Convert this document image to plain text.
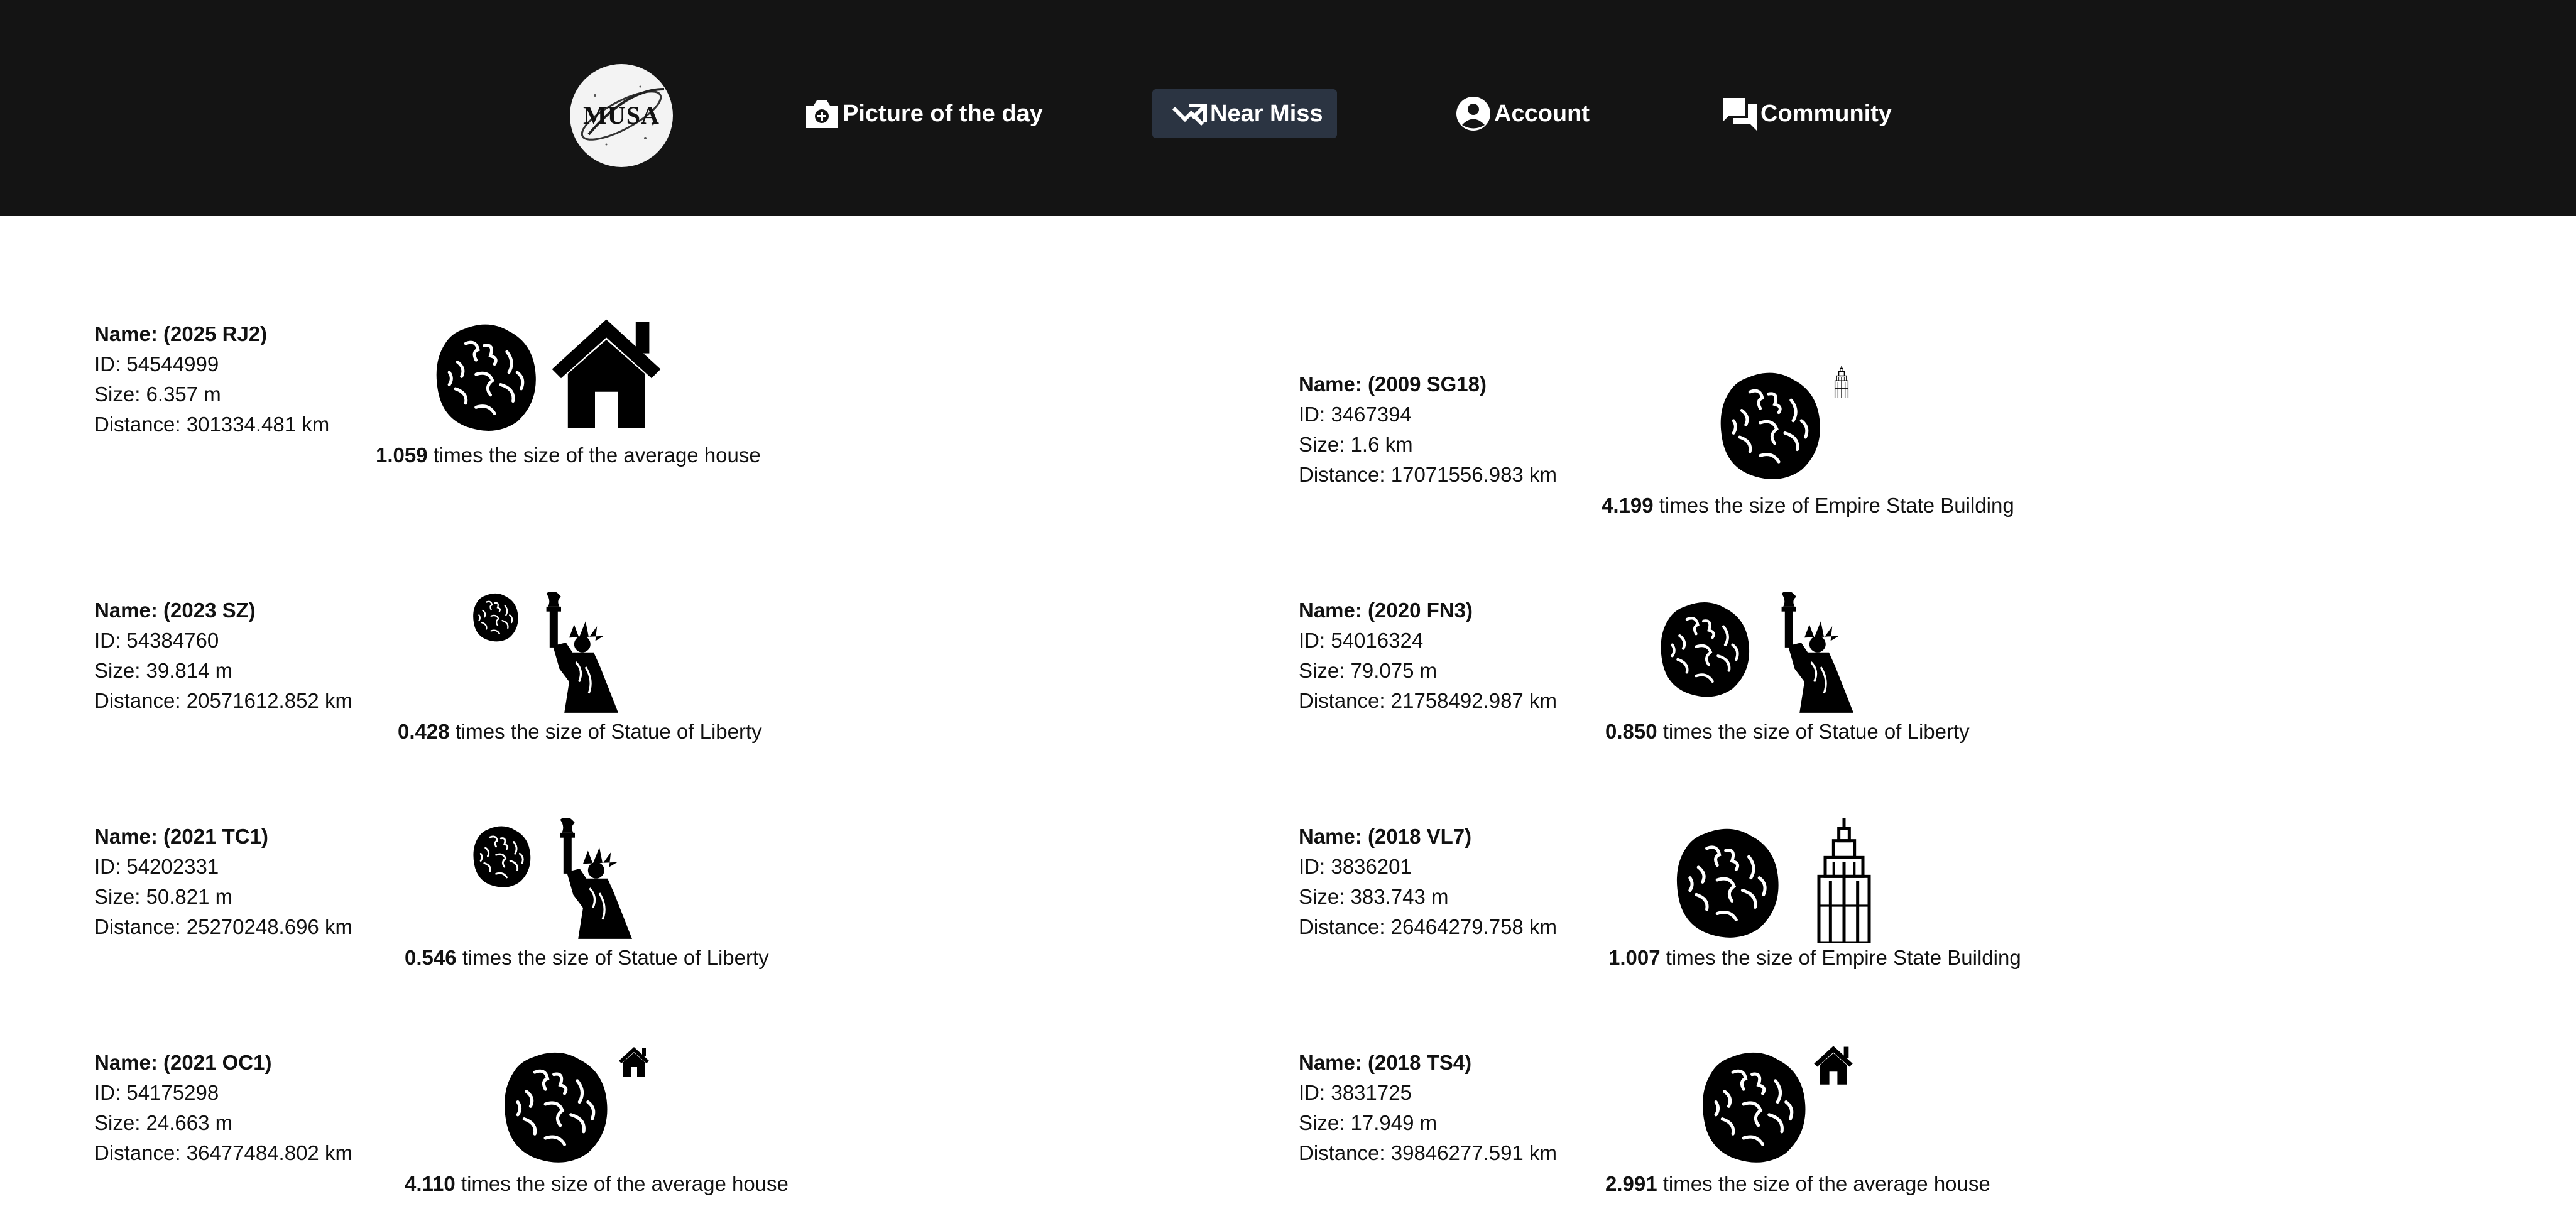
MUSA	Picture of the day	Near Miss	Account	Community
Name: (2025 RJ2)
ID: 54544999
Size: 6.357 m
Distance: 301334.481 km
1.059 times the size of the average house
Name: (2009 SG18)
ID: 3467394
Size: 1.6 km
Distance: 17071556.983 km
4.199 times the size of Empire State Building
Name: (2023 SZ)
ID: 54384760
Size: 39.814 m
Distance: 20571612.852 km
0.428 times the size of Statue of Liberty
Name: (2020 FN3)
ID: 54016324
Size: 79.075 m
Distance: 21758492.987 km
0.850 times the size of Statue of Liberty
Name: (2021 TC1)
ID: 54202331
Size: 50.821 m
Distance: 25270248.696 km
0.546 times the size of Statue of Liberty
Name: (2018 VL7)
ID: 3836201
Size: 383.743 m
Distance: 26464279.758 km
1.007 times the size of Empire State Building
Name: (2021 OC1)
ID: 54175298
Size: 24.663 m
Distance: 36477484.802 km
4.110 times the size of the average house
Name: (2018 TS4)
ID: 3831725
Size: 17.949 m
Distance: 39846277.591 km
2.991 times the size of the average house
